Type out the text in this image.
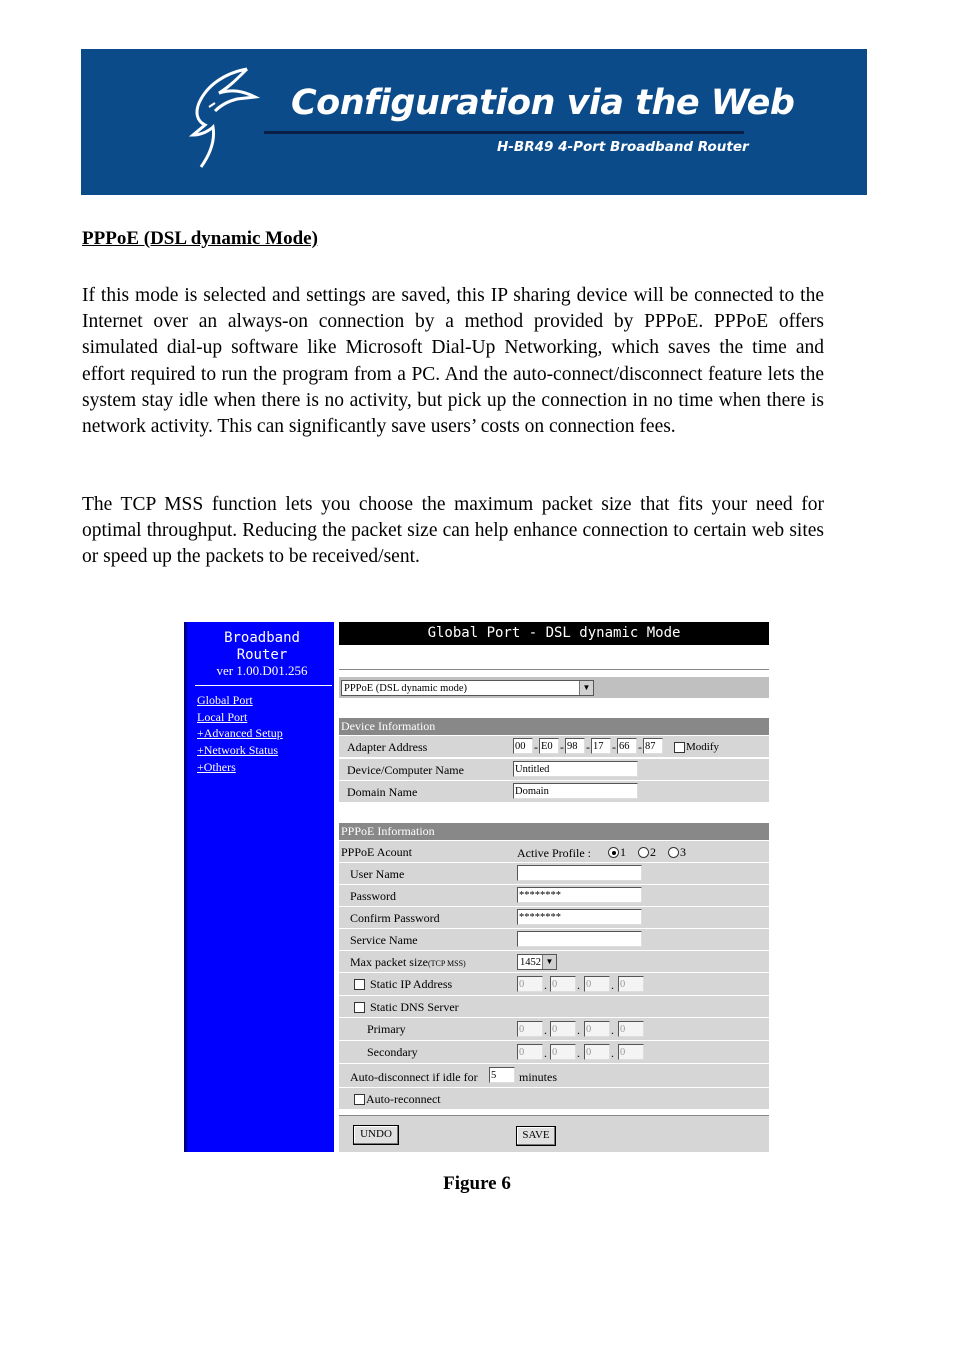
Configuration via the Web
H-BR49 4-Port Broadband Router
PPPoE (DSL dynamic Mode)
If this mode is selected and settings are saved, this IP sharing device will be connected to the Internet over an always-on connection by a method provided by PPPoE. PPPoE offers simulated dial-up software like Microsoft Dial-Up Networking, which saves the time and effort required to run the program from a PC. And the auto-connect/disconnect feature lets the system stay idle when there is no activity, but pick up the connection in no time when there is network activity. This can significantly save users’ costs on connection fees.
The TCP MSS function lets you choose the maximum packet size that fits your need for optimal throughput. Reducing the packet size can help enhance connection to certain web sites or speed up the packets to be received/sent.
Broadband
Router
ver 1.00.D01.256
Global Port
Local Port
+Advanced Setup
+Network Status
+Others
Global Port - DSL dynamic Mode
PPPoE (DSL dynamic mode)	▼
Device Information
Adapter Address	00 - E0 - 98 - 17 - 66 - 87	Modify
Device/Computer Name	Untitled
Domain Name	Domain
PPPoE Information
PPPoE Acount	Active Profile : 1 2 3
User Name
Password	********
Confirm Password	********
Service Name
Max packet size(TCP MSS)	1452 ▼
Static IP Address	0	. 0	. 0	. 0
Static DNS Server
Primary	0	. 0	. 0	. 0
Secondary	0	. 0	. 0	. 0
Auto-disconnect if idle for 5	minutes
Auto-reconnect
UNDO	SAVE
Figure 6
